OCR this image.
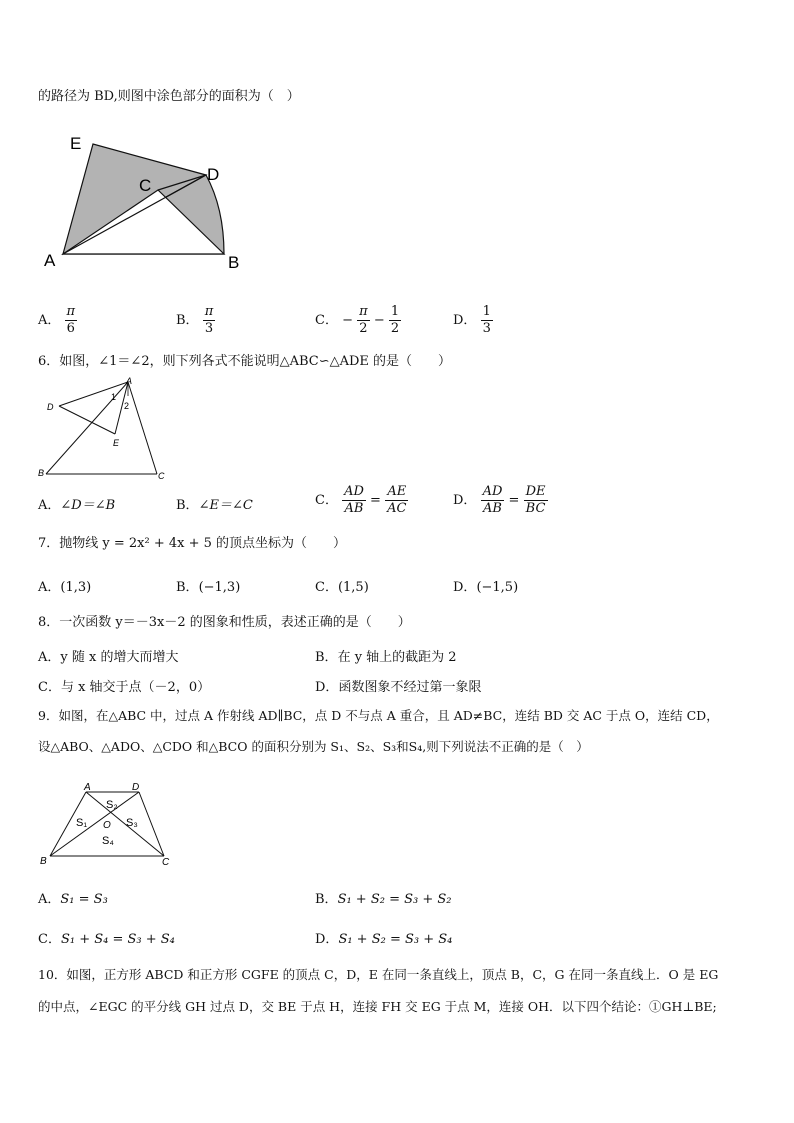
的路径为 BD,则图中涂色部分的面积为（　）
E
C
D
A	B
A． $\frac{\pi}{6}$	B． $\frac{\pi}{3}$	C． − $\frac{\pi}{2} - \frac{1}{2}$	D． $\frac{1}{3}$
6．如图，∠1＝∠2，则下列各式不能说明△ABC∽△ADE 的是（　　）
A
D
1
2
E
B	C
A．∠D＝∠B	B．∠E＝∠C	C． $\frac{AD}{AB} = \frac{AE}{AC}$	D． $\frac{AD}{AB} = \frac{DE}{BC}$
7．抛物线 y = 2x² + 4x + 5 的顶点坐标为（　　）
A．(1,3)	B．(−1,3)	C．(1,5)	D．(−1,5)
8．一次函数 y＝－3x－2 的图象和性质，表述正确的是（　　）
A．y 随 x 的增大而增大	B．在 y 轴上的截距为 2
C．与 x 轴交于点（－2，0）	D．函数图象不经过第一象限
9．如图，在△ABC 中，过点 A 作射线 AD∥BC，点 D 不与点 A 重合，且 AD≠BC，连结 BD 交 AC 于点 O，连结 CD，
设△ABO、△ADO、△CDO 和△BCO 的面积分别为 S₁、S₂、S₃和S₄,则下列说法不正确的是（　）
A	D
S₂
S₁	S₃
O
S₄
B	C
A．S₁ = S₃	B．S₁ + S₂ = S₃ + S₂
C．S₁ + S₄ = S₃ + S₄	D．S₁ + S₂ = S₃ + S₄
10．如图，正方形 ABCD 和正方形 CGFE 的顶点 C，D，E 在同一条直线上，顶点 B，C，G 在同一条直线上．O 是 EG
的中点，∠EGC 的平分线 GH 过点 D，交 BE 于点 H，连接 FH 交 EG 于点 M，连接 OH．以下四个结论：①GH⊥BE;
